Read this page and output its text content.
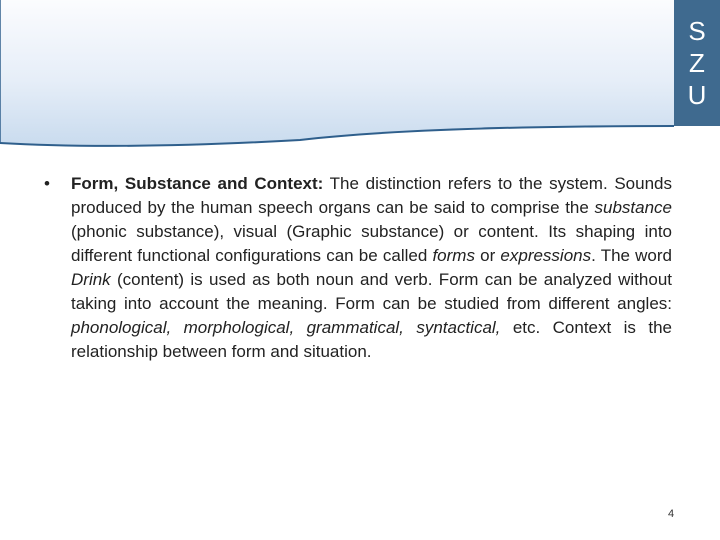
S
Z
U
•	Form, Substance and Context: The distinction refers to the system. Sounds produced by the human speech organs can be said to comprise the substance (phonic substance), visual (Graphic substance) or content. Its shaping into different functional configurations can be called forms or expressions. The word Drink (content) is used as both noun and verb. Form can be analyzed without taking into account the meaning. Form can be studied from different angles: phonological, morphological, grammatical, syntactical, etc. Context is the relationship between form and situation.

4
